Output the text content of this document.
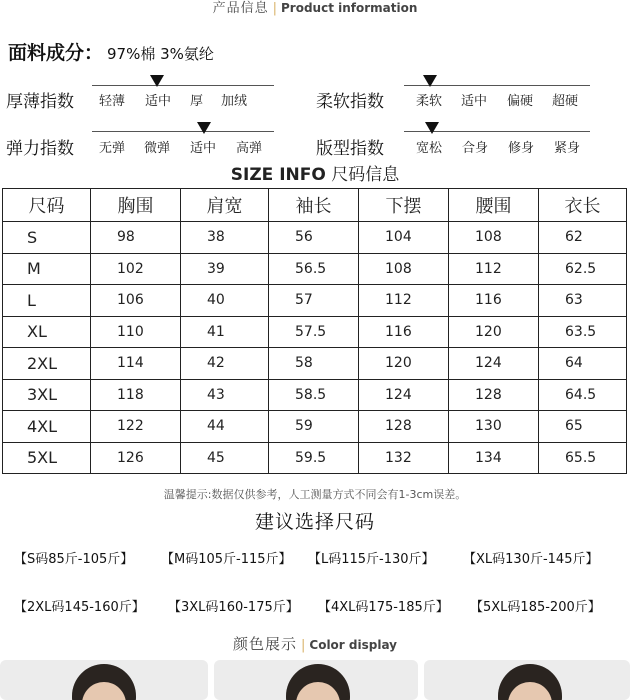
产品信息 | Product information
面料成分： 97%棉 3%氨纶
厚薄指数 轻薄 适中 厚 加绒	柔软指数 柔软 适中 偏硬 超硬
弹力指数 无弹 微弹 适中 高弹	版型指数 宽松 合身 修身 紧身
SIZE INFO 尺码信息
尺码	胸围	肩宽	袖长	下摆	腰围	衣长
S	98	38	56	104	108	62
M	102	39	56.5	108	112	62.5
L	106	40	57	112	116	63
XL	110	41	57.5	116	120	63.5
2XL	114	42	58	120	124	64
3XL	118	43	58.5	124	128	64.5
4XL	122	44	59	128	130	65
5XL	126	45	59.5	132	134	65.5
温馨提示:数据仅供参考，人工测量方式不同会有1-3cm误差。
建议选择尺码
【S码85斤-105斤】 【M码105斤-115斤】 【L码115斤-130斤】 【XL码130斤-145斤】
【2XL码145-160斤】 【3XL码160-175斤】 【4XL码175-185斤】 【5XL码185-200斤】
颜色展示 | Color display
